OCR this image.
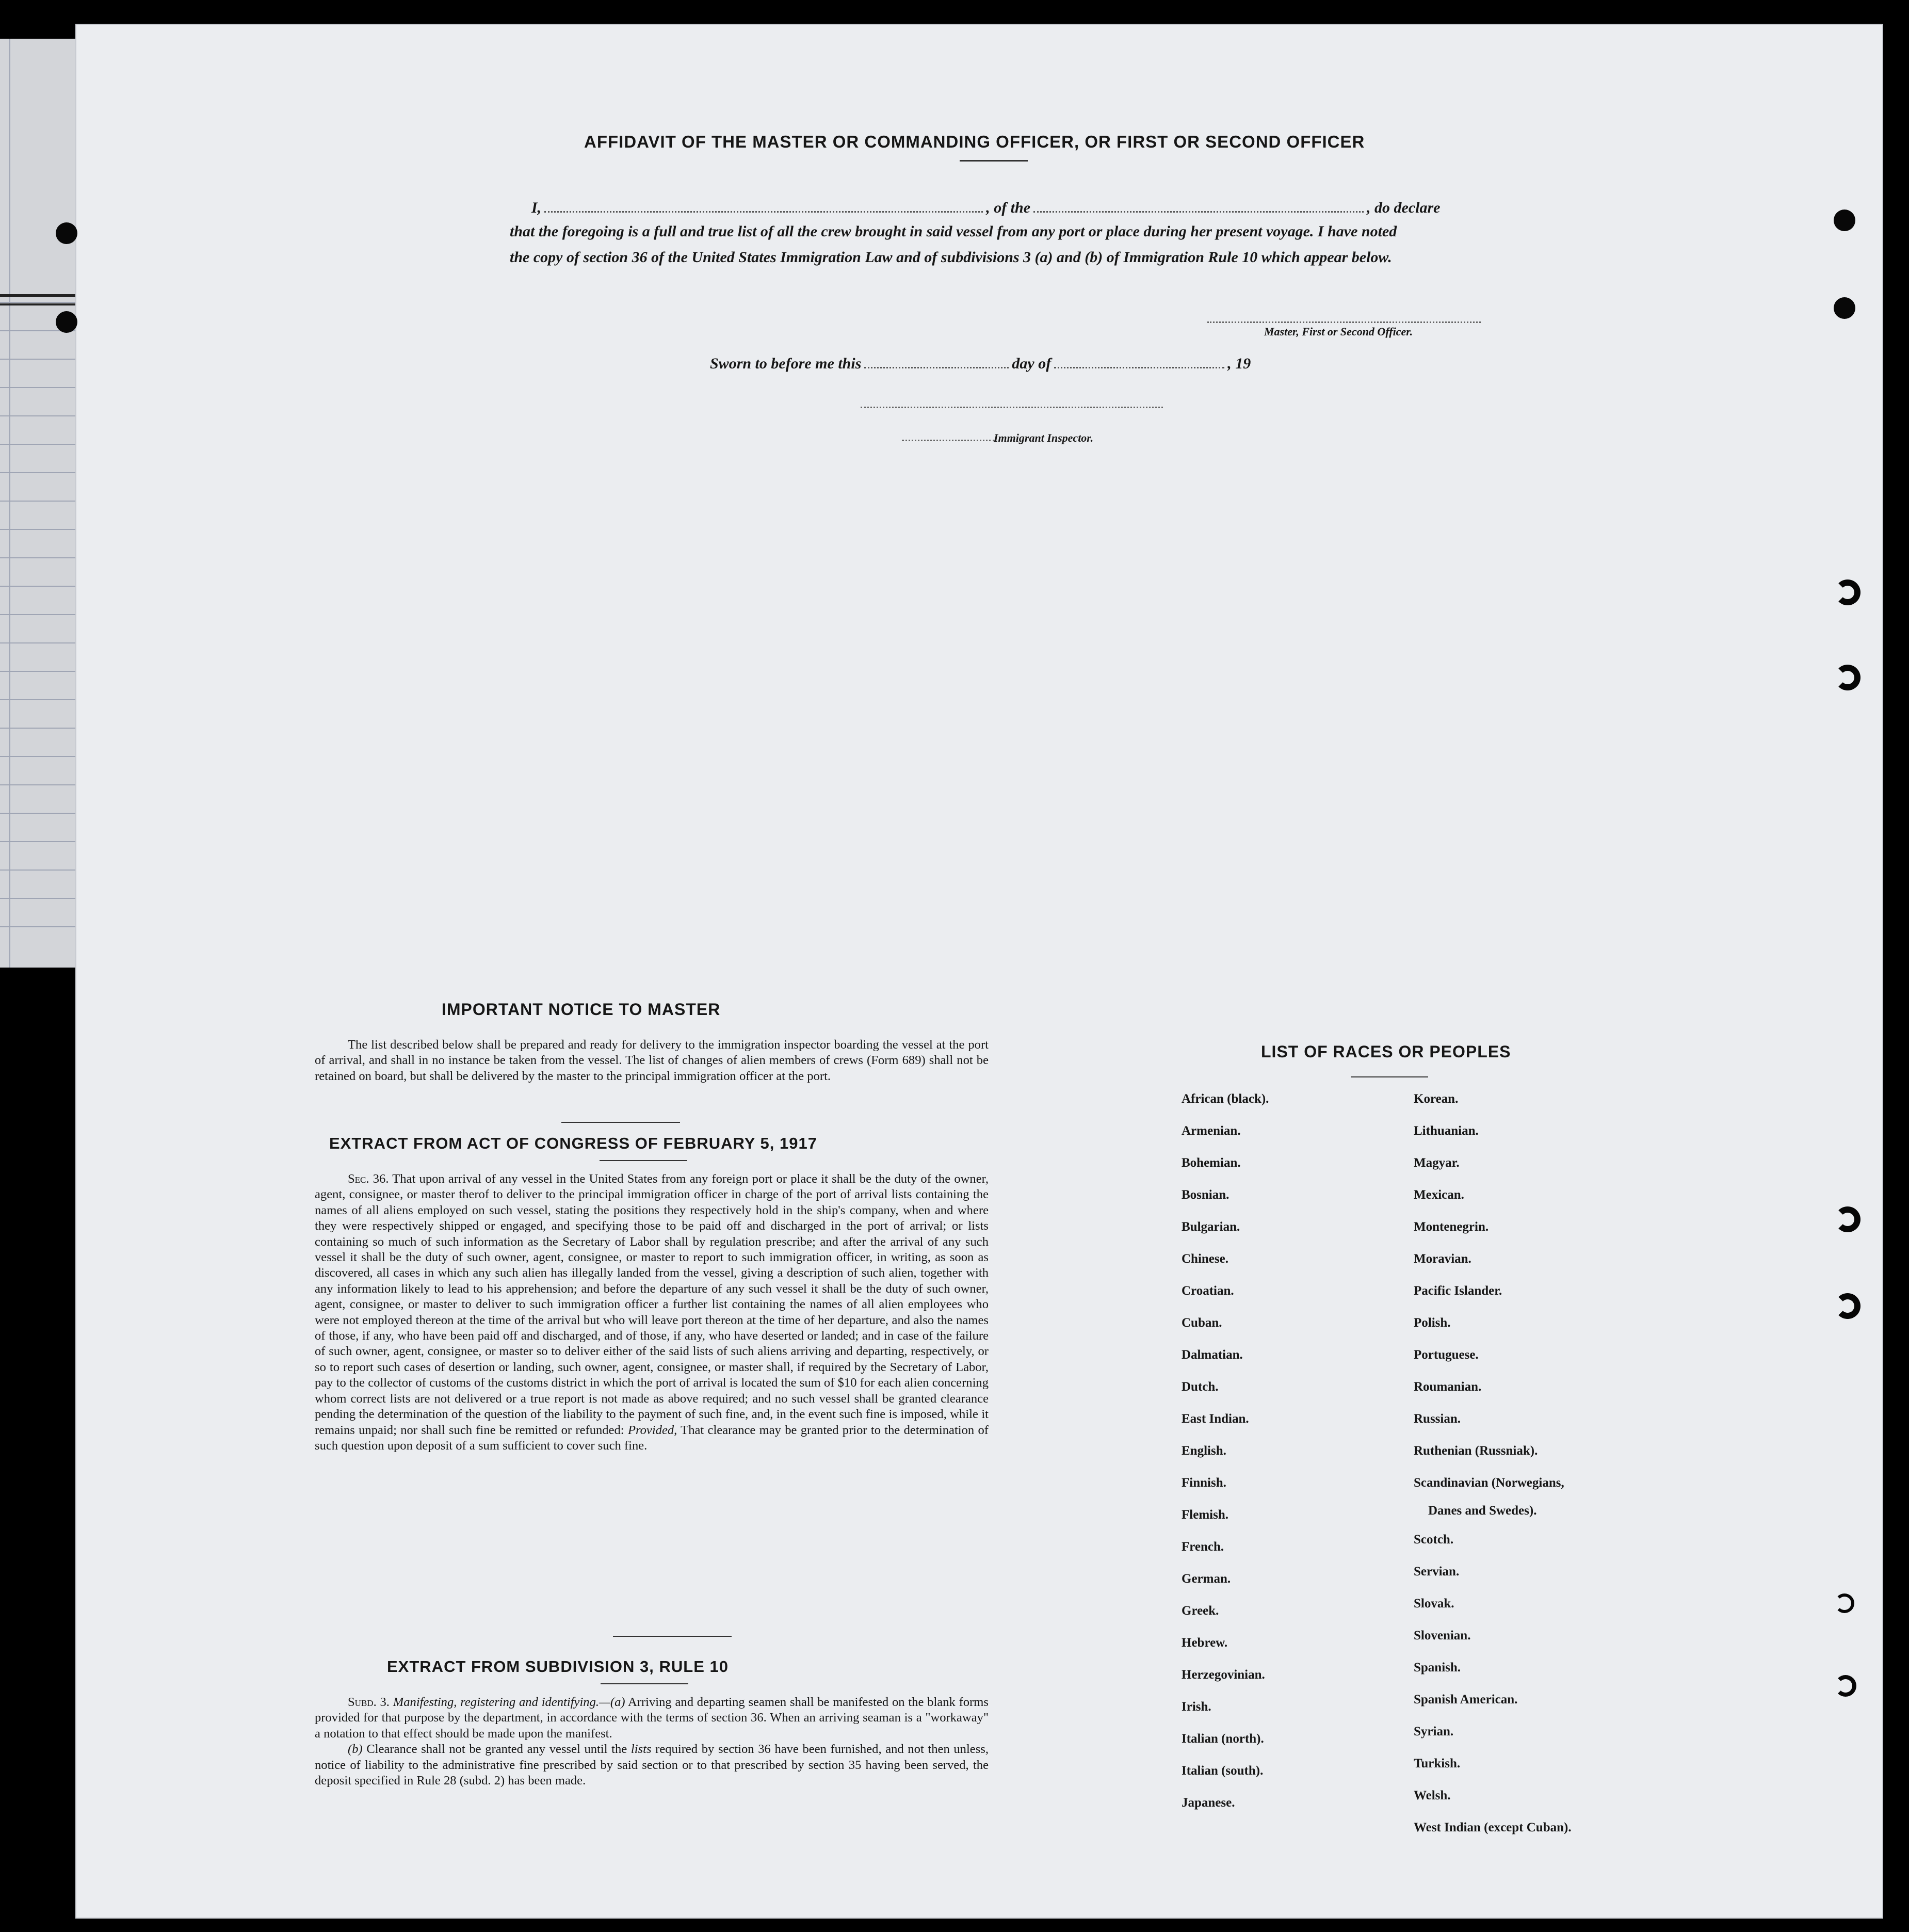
AFFIDAVIT OF THE MASTER OR COMMANDING OFFICER, OR FIRST OR SECOND OFFICER
I,	, of the	, do declare
that the foregoing is a full and true list of all the crew brought in said vessel from any port or place during her present voyage. I have noted
the copy of section 36 of the United States Immigration Law and of subdivisions 3 (a) and (b) of Immigration Rule 10 which appear below.
Master, First or Second Officer.
Sworn to before me this	day of	, 19
Immigrant Inspector.
IMPORTANT NOTICE TO MASTER

The list described below shall be prepared and ready for delivery to the immigration inspector boarding the vessel at the port of arrival, and shall in no instance be taken from the vessel. The list of changes of alien members of crews (Form 689) shall not be retained on board, but shall be delivered by the master to the principal immigration officer at the port.

EXTRACT FROM ACT OF CONGRESS OF FEBRUARY 5, 1917

Sec. 36. That upon arrival of any vessel in the United States from any foreign port or place it shall be the duty of the owner, agent, consignee, or master therof to deliver to the principal immigration officer in charge of the port of arrival lists containing the names of all aliens employed on such vessel, stating the positions they respectively hold in the ship's company, when and where they were respectively shipped or engaged, and specifying those to be paid off and discharged in the port of arrival; or lists containing so much of such information as the Secretary of Labor shall by regulation prescribe; and after the arrival of any such vessel it shall be the duty of such owner, agent, consignee, or master to report to such immigration officer, in writing, as soon as discovered, all cases in which any such alien has illegally landed from the vessel, giving a description of such alien, together with any information likely to lead to his apprehension; and before the departure of any such vessel it shall be the duty of such owner, agent, consignee, or master to deliver to such immigration officer a further list containing the names of all alien employees who were not employed thereon at the time of the arrival but who will leave port thereon at the time of her departure, and also the names of those, if any, who have been paid off and discharged, and of those, if any, who have deserted or landed; and in case of the failure of such owner, agent, consignee, or master so to deliver either of the said lists of such aliens arriving and departing, respectively, or so to report such cases of desertion or landing, such owner, agent, consignee, or master shall, if required by the Secretary of Labor, pay to the collector of customs of the customs district in which the port of arrival is located the sum of $10 for each alien concerning whom correct lists are not delivered or a true report is not made as above required; and no such vessel shall be granted clearance pending the determination of the question of the liability to the payment of such fine, and, in the event such fine is imposed, while it remains unpaid; nor shall such fine be remitted or refunded: Provided, That clearance may be granted prior to the determination of such question upon deposit of a sum sufficient to cover such fine.

EXTRACT FROM SUBDIVISION 3, RULE 10

Subd. 3. Manifesting, registering and identifying.—(a) Arriving and departing seamen shall be manifested on the blank forms provided for that purpose by the department, in accordance with the terms of section 36. When an arriving seaman is a "workaway" a notation to that effect should be made upon the manifest.

(b) Clearance shall not be granted any vessel until the lists required by section 36 have been furnished, and not then unless, notice of liability to the administrative fine prescribed by said section or to that prescribed by section 35 having been served, the deposit specified in Rule 28 (subd. 2) has been made.

LIST OF RACES OR PEOPLES
African (black).
Armenian.
Bohemian.
Bosnian.
Bulgarian.
Chinese.
Croatian.
Cuban.
Dalmatian.
Dutch.
East Indian.
English.
Finnish.
Flemish.
French.
German.
Greek.
Hebrew.
Herzegovinian.
Irish.
Italian (north).
Italian (south).
Japanese.
Korean.
Lithuanian.
Magyar.
Mexican.
Montenegrin.
Moravian.
Pacific Islander.
Polish.
Portuguese.
Roumanian.
Russian.
Ruthenian (Russniak).
Scandinavian (Norwegians,
Danes and Swedes).
Scotch.
Servian.
Slovak.
Slovenian.
Spanish.
Spanish American.
Syrian.
Turkish.
Welsh.
West Indian (except Cuban).
